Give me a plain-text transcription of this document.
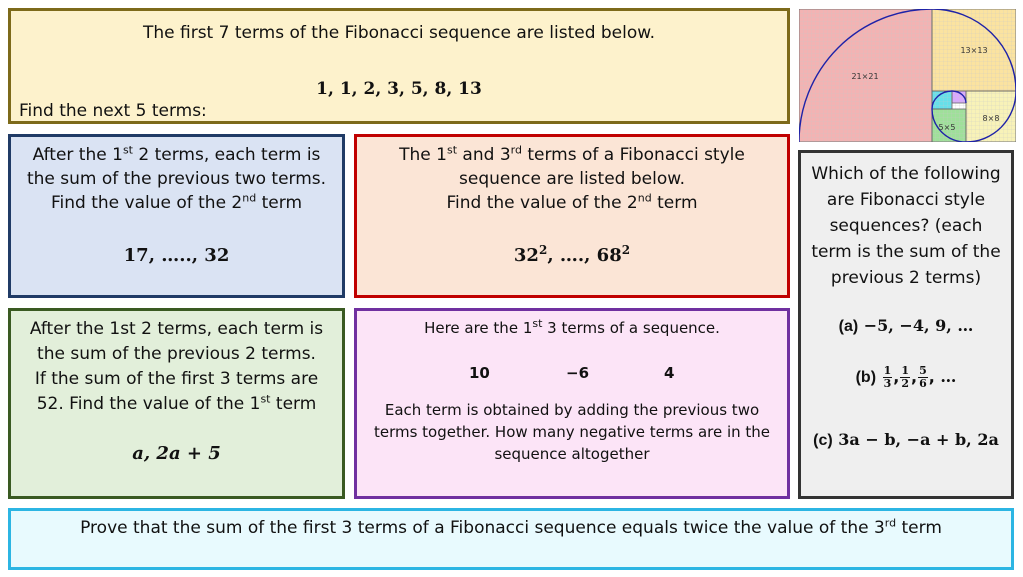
The first 7 terms of the Fibonacci sequence are listed below.
1, 1, 2, 3, 5, 8, 13
Find the next 5 terms:
21×21
13×13
8×8
5×5

After the 1st 2 terms, each term is

the sum of the previous two terms.

Find the value of the 2nd term

17, ….., 32

The 1st and 3rd terms of a Fibonacci style

sequence are listed below.

Find the value of the 2nd term

$32^2$, …., $68^2$

After the 1st 2 terms, each term is

the sum of the previous 2 terms.

If the sum of the first 3 terms are

52. Find the value of the 1st term

a, 2a + 5
Here are the 1st 3 terms of a sequence.
10	−6	4

Each term is obtained by adding the previous two

terms together. How many negative terms are in the

sequence altogether

Which of the following

are Fibonacci style

sequences? (each

term is the sum of the

previous 2 terms)

(a) −5, −4, 9, …
$(b) \frac{1}{3}$ , $\frac{1}{2}$ , $\frac{5}{6}$ , …
(c) 3a − b, −a + b, 2a
Prove that the sum of the first 3 terms of a Fibonacci sequence equals twice the value of the 3rd term
